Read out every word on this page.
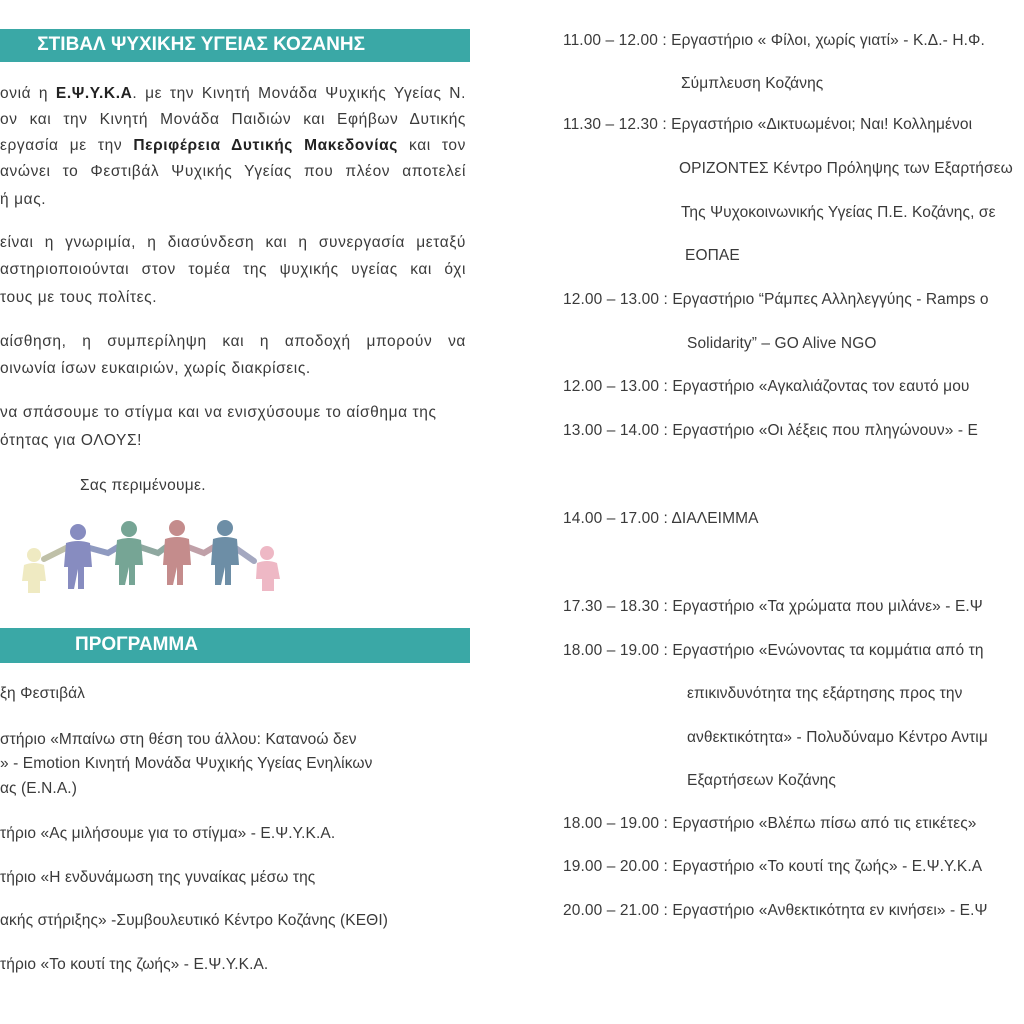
ΣΤΙΒΑΛ ΨΥΧΙΚΗΣ ΥΓΕΙΑΣ ΚΟΖΑΝΗΣ
ονιά η Ε.Ψ.Υ.Κ.Α. με την Κινητή Μονάδα Ψυχικής Υγείας Ν.
ον και την Κινητή Μονάδα Παιδιών και Εφήβων Δυτικής
εργασία με την Περιφέρεια Δυτικής Μακεδονίας και τον
ανώνει το Φεστιβάλ Ψυχικής Υγείας που πλέον αποτελεί
ή μας.
είναι η γνωριμία, η διασύνδεση και η συνεργασία μεταξύ
αστηριοποιούνται στον τομέα της ψυχικής υγείας και όχι
τους με τους πολίτες.
αίσθηση, η συμπερίληψη και η αποδοχή μπορούν να
οινωνία ίσων ευκαιριών, χωρίς διακρίσεις.
να σπάσουμε το στίγμα και να ενισχύσουμε το αίσθημα της
ότητας για ΟΛΟΥΣ!
Σας περιμένουμε.
ΠΡΟΓΡΑΜΜΑ
ξη Φεστιβάλ
στήριο «Μπαίνω στη θέση του άλλου: Κατανοώ δεν
» - Emotion Κινητή Μονάδα Ψυχικής Υγείας Ενηλίκων
ας (Ε.Ν.Α.)
τήριο «Ας μιλήσουμε για το στίγμα» - Ε.Ψ.Υ.Κ.Α.
τήριο «Η ενδυνάμωση της γυναίκας μέσω της
ακής στήριξης» -Συμβουλευτικό Κέντρο Κοζάνης (ΚΕΘΙ)
τήριο «Το κουτί της ζωής» - Ε.Ψ.Υ.Κ.Α.
11.00 – 12.00 : Εργαστήριο « Φίλοι, χωρίς γιατί» - Κ.Δ.- Η.Φ.
Σύμπλευση Κοζάνης
11.30 – 12.30 : Εργαστήριο «Δικτυωμένοι; Ναι! Κολλημένοι
ΟΡΙΖΟΝΤΕΣ Κέντρο Πρόληψης των Εξαρτήσεω
Της Ψυχοκοινωνικής Υγείας Π.Ε. Κοζάνης, σε
ΕΟΠΑΕ
12.00 – 13.00 : Εργαστήριο “Ράμπες Αλληλεγγύης - Ramps o
Solidarity” – GO Alive NGO
12.00 – 13.00 : Εργαστήριο «Αγκαλιάζοντας τον εαυτό μου
13.00 – 14.00 : Εργαστήριο «Οι λέξεις που πληγώνουν» - Ε
14.00 – 17.00 : ΔΙΑΛΕΙΜΜΑ
17.30 – 18.30 : Εργαστήριο «Τα χρώματα που μιλάνε» - Ε.Ψ
18.00 – 19.00 : Εργαστήριο «Ενώνοντας τα κομμάτια από τη
επικινδυνότητα της εξάρτησης προς την
ανθεκτικότητα» - Πολυδύναμο Κέντρο Αντιμ
Εξαρτήσεων Κοζάνης
18.00 – 19.00 : Εργαστήριο «Βλέπω πίσω από τις ετικέτες»
19.00 – 20.00 : Εργαστήριο «Το κουτί της ζωής» - Ε.Ψ.Υ.Κ.Α
20.00 – 21.00 : Εργαστήριο «Ανθεκτικότητα εν κινήσει» - Ε.Ψ
